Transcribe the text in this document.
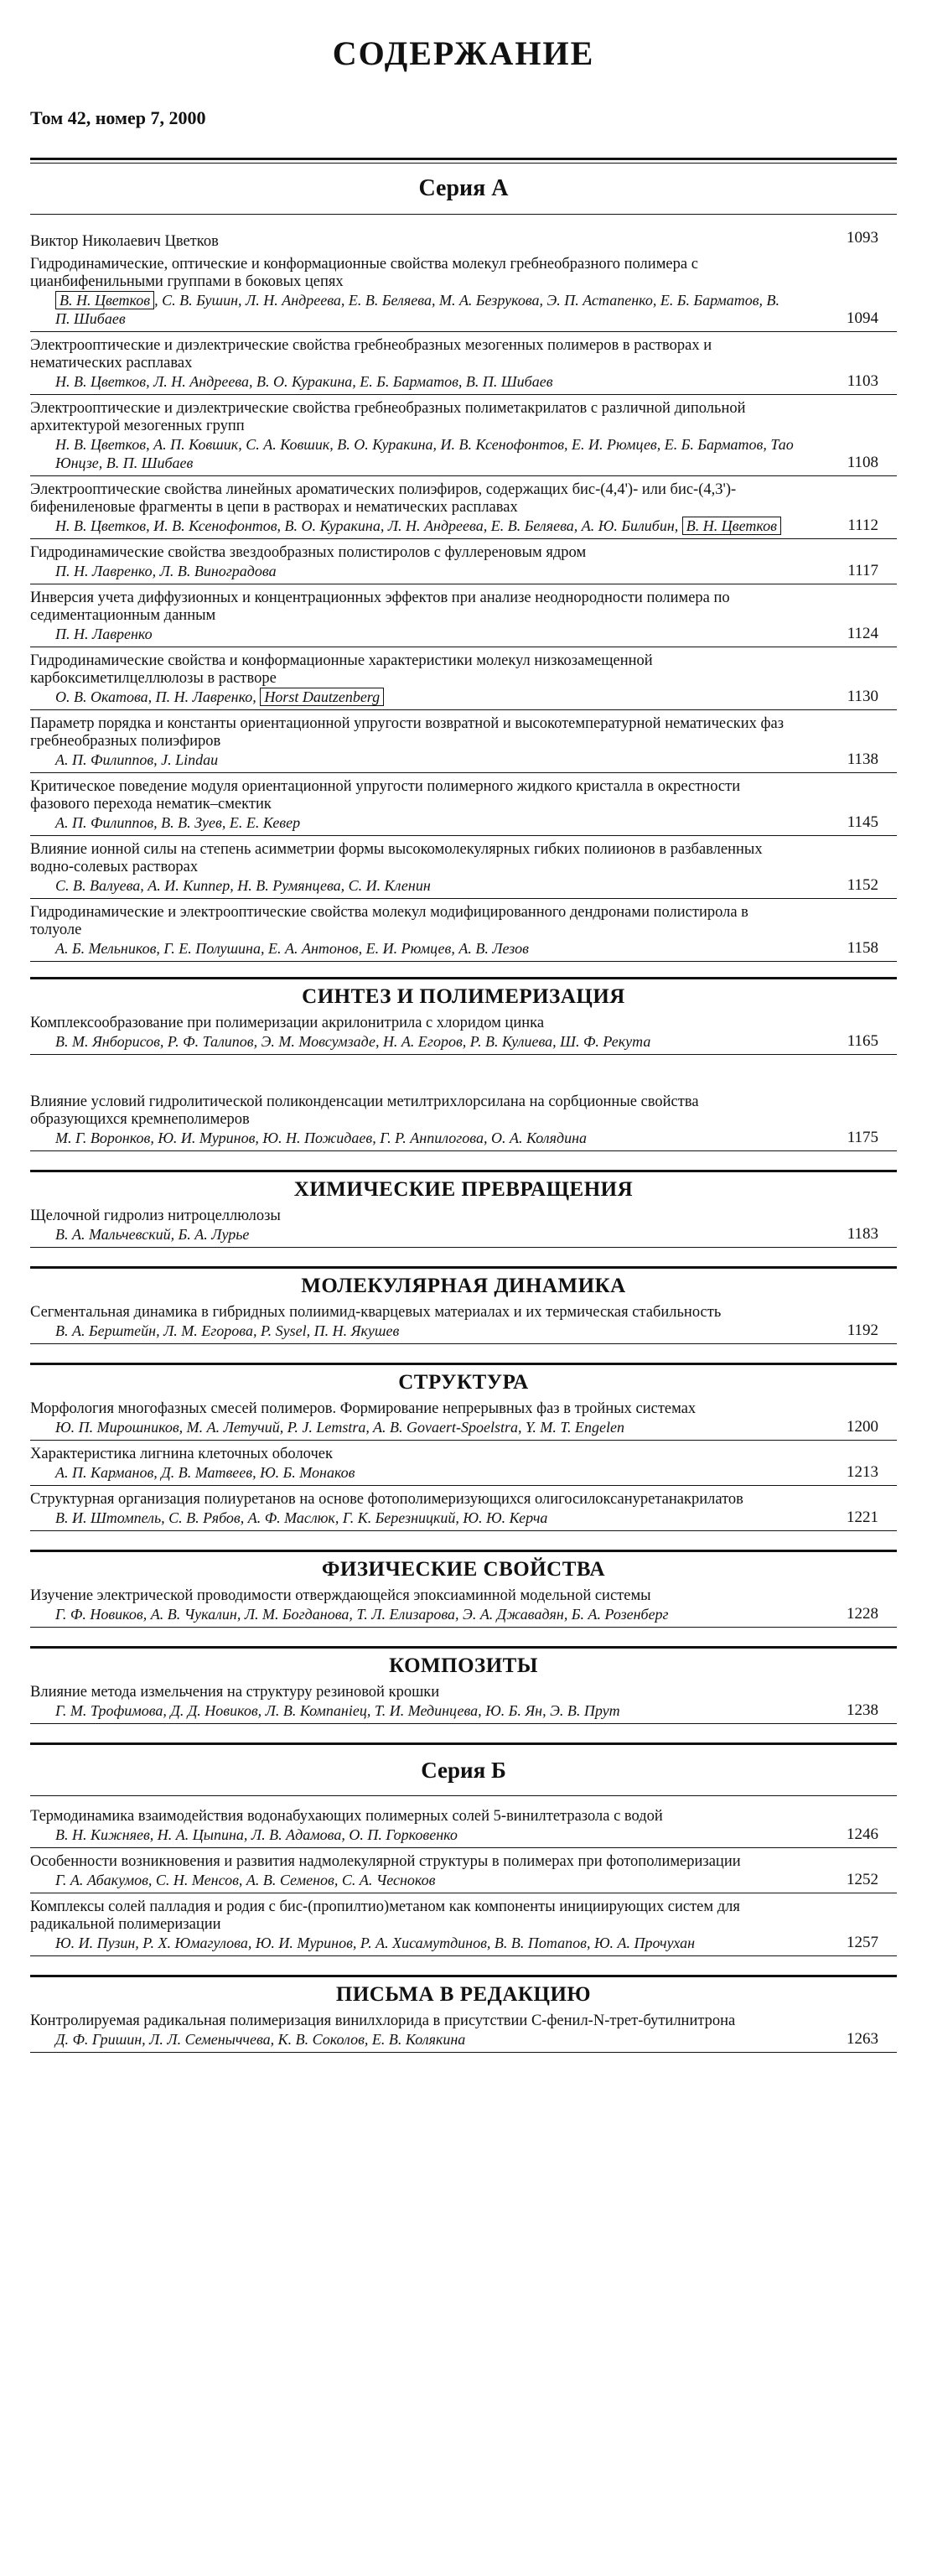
СОДЕРЖАНИЕ
Том 42, номер 7, 2000
Серия А
Виктор Николаевич Цветков	1093
Гидродинамические, оптические и конформационные свойства молекул гребнеобразного полимера с цианбифенильными группами в боковых цепях
В. Н. Цветков , С. В. Бушин, Л. Н. Андреева, Е. В. Беляева, М. А. Безрукова, Э. П. Астапенко, Е. Б. Барматов, В. П. Шибаев	1094
Электрооптические и диэлектрические свойства гребнеобразных мезогенных полимеров в растворах и нематических расплавах
Н. В. Цветков, Л. Н. Андреева, В. О. Куракина, Е. Б. Барматов, В. П. Шибаев	1103
Электрооптические и диэлектрические свойства гребнеобразных полиметакрилатов с различной дипольной архитектурой мезогенных групп
Н. В. Цветков, А. П. Ковшик, С. А. Ковшик, В. О. Куракина, И. В. Ксенофонтов, Е. И. Рюмцев, Е. Б. Барматов, Тао Юнцзе, В. П. Шибаев	1108
Электрооптические свойства линейных ароматических полиэфиров, содержащих бис-(4,4')- или бис-(4,3')-бифениленовые фрагменты в цепи в растворах и нематических расплавах
Н. В. Цветков, И. В. Ксенофонтов, В. О. Куракина, Л. Н. Андреева, Е. В. Беляева, А. Ю. Билибин, В. Н. Цветков	1112
Гидродинамические свойства звездообразных полистиролов с фуллереновым ядром
П. Н. Лавренко, Л. В. Виноградова	1117
Инверсия учета диффузионных и концентрационных эффектов при анализе неоднородности полимера по седиментационным данным
П. Н. Лавренко	1124
Гидродинамические свойства и конформационные характеристики молекул низкозамещенной карбоксиметилцеллюлозы в растворе
О. В. Окатова, П. Н. Лавренко, Horst Dautzenberg	1130
Параметр порядка и константы ориентационной упругости возвратной и высокотемпературной нематических фаз гребнеобразных полиэфиров
А. П. Филиппов, J. Lindau	1138
Критическое поведение модуля ориентационной упругости полимерного жидкого кристалла в окрестности фазового перехода нематик–смектик
А. П. Филиппов, В. В. Зуев, Е. Е. Кевер	1145
Влияние ионной силы на степень асимметрии формы высокомолекулярных гибких полиионов в разбавленных водно-солевых растворах
С. В. Валуева, А. И. Киппер, Н. В. Румянцева, С. И. Кленин	1152
Гидродинамические и электрооптические свойства молекул модифицированного дендронами полистирола в толуоле
А. Б. Мельников, Г. Е. Полушина, Е. А. Антонов, Е. И. Рюмцев, А. В. Лезов	1158
СИНТЕЗ И ПОЛИМЕРИЗАЦИЯ
Комплексообразование при полимеризации акрилонитрила с хлоридом цинка
В. М. Янборисов, Р. Ф. Талипов, Э. М. Мовсумзаде, Н. А. Егоров, Р. В. Кулиева, Ш. Ф. Рекута	1165
Влияние условий гидролитической поликонденсации метилтрихлорсилана на сорбционные свойства образующихся кремнеполимеров
М. Г. Воронков, Ю. И. Муринов, Ю. Н. Пожидаев, Г. Р. Анпилогова, О. А. Колядина	1175
ХИМИЧЕСКИЕ ПРЕВРАЩЕНИЯ
Щелочной гидролиз нитроцеллюлозы
В. А. Мальчевский, Б. А. Лурье	1183
МОЛЕКУЛЯРНАЯ ДИНАМИКА
Сегментальная динамика в гибридных полиимид-кварцевых материалах и их термическая стабильность
В. А. Берштейн, Л. М. Егорова, P. Sysel, П. Н. Якушев	1192
СТРУКТУРА
Морфология многофазных смесей полимеров. Формирование непрерывных фаз в тройных системах
Ю. П. Мирошников, М. А. Летучий, P. J. Lemstra, A. B. Govaert-Spoelstra, Y. M. T. Engelen	1200
Характеристика лигнина клеточных оболочек
А. П. Карманов, Д. В. Матвеев, Ю. Б. Монаков	1213
Структурная организация полиуретанов на основе фотополимеризующихся олигосилоксануретанакрилатов
В. И. Штомпель, С. В. Рябов, А. Ф. Маслюк, Г. К. Березницкий, Ю. Ю. Керча	1221
ФИЗИЧЕСКИЕ СВОЙСТВА
Изучение электрической проводимости отверждающейся эпоксиаминной модельной системы
Г. Ф. Новиков, А. В. Чукалин, Л. М. Богданова, Т. Л. Елизарова, Э. А. Джавадян, Б. А. Розенберг	1228
КОМПОЗИТЫ
Влияние метода измельчения на структуру резиновой крошки
Г. М. Трофимова, Д. Д. Новиков, Л. В. Компанiец, Т. И. Мединцева, Ю. Б. Ян, Э. В. Прут	1238
Серия Б
Термодинамика взаимодействия водонабухающих полимерных солей 5-винилтетразола с водой
В. Н. Кижняев, Н. А. Цыпина, Л. В. Адамова, О. П. Горковенко	1246
Особенности возникновения и развития надмолекулярной структуры в полимерах при фотополимеризации
Г. А. Абакумов, С. Н. Менсов, А. В. Семенов, С. А. Чесноков	1252
Комплексы солей палладия и родия с бис-(пропилтио)метаном как компоненты инициирующих систем для радикальной полимеризации
Ю. И. Пузин, Р. Х. Юмагулова, Ю. И. Муринов, Р. А. Хисамутдинов, В. В. Потапов, Ю. А. Прочухан	1257
ПИСЬМА В РЕДАКЦИЮ
Контролируемая радикальная полимеризация винилхлорида в присутствии С-фенил-N-трет-бутилнитрона
Д. Ф. Гришин, Л. Л. Семеныччева, К. В. Соколов, Е. В. Колякина	1263
